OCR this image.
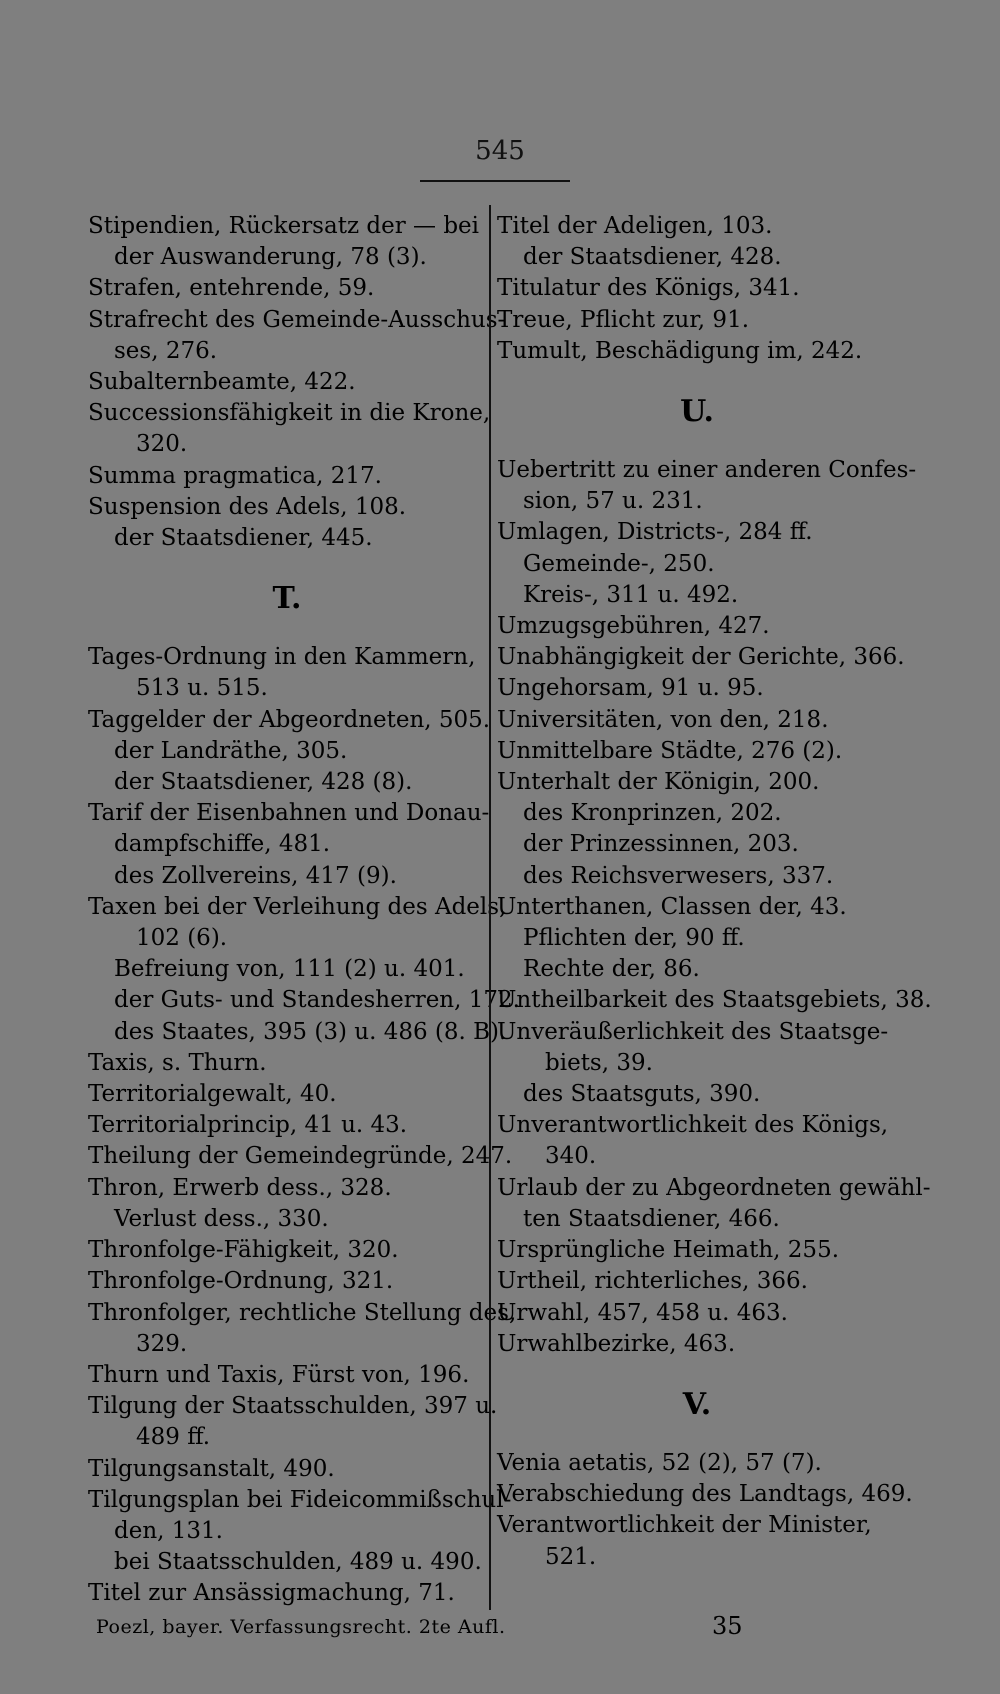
545
Stipendien, Rückersatz der — bei
der Auswanderung, 78 (3).
Strafen, entehrende, 59.
Strafrecht des Gemeinde-Ausschus-
ses, 276.
Subalternbeamte, 422.
Successionsfähigkeit in die Krone,
320.
Summa pragmatica, 217.
Suspension des Adels, 108.
der Staatsdiener, 445.
T.
Tages-Ordnung in den Kammern,
513 u. 515.
Taggelder der Abgeordneten, 505.
der Landräthe, 305.
der Staatsdiener, 428 (8).
Tarif der Eisenbahnen und Donau-
dampfschiffe, 481.
des Zollvereins, 417 (9).
Taxen bei der Verleihung des Adels,
102 (6).
Befreiung von, 111 (2) u. 401.
der Guts- und Standesherren, 172.
des Staates, 395 (3) u. 486 (8. B).
Taxis, s. Thurn.
Territorialgewalt, 40.
Territorialprincip, 41 u. 43.
Theilung der Gemeindegründe, 247.
Thron, Erwerb dess., 328.
Verlust dess., 330.
Thronfolge-Fähigkeit, 320.
Thronfolge-Ordnung, 321.
Thronfolger, rechtliche Stellung des,
329.
Thurn und Taxis, Fürst von, 196.
Tilgung der Staatsschulden, 397 u.
489 ff.
Tilgungsanstalt, 490.
Tilgungsplan bei Fideicommißschul-
den, 131.
bei Staatsschulden, 489 u. 490.
Titel zur Ansässigmachung, 71.
Titel der Adeligen, 103.
der Staatsdiener, 428.
Titulatur des Königs, 341.
Treue, Pflicht zur, 91.
Tumult, Beschädigung im, 242.
U.
Uebertritt zu einer anderen Confes-
sion, 57 u. 231.
Umlagen, Districts-, 284 ff.
Gemeinde-, 250.
Kreis-, 311 u. 492.
Umzugsgebühren, 427.
Unabhängigkeit der Gerichte, 366.
Ungehorsam, 91 u. 95.
Universitäten, von den, 218.
Unmittelbare Städte, 276 (2).
Unterhalt der Königin, 200.
des Kronprinzen, 202.
der Prinzessinnen, 203.
des Reichsverwesers, 337.
Unterthanen, Classen der, 43.
Pflichten der, 90 ff.
Rechte der, 86.
Untheilbarkeit des Staatsgebiets, 38.
Unveräußerlichkeit des Staatsge-
biets, 39.
des Staatsguts, 390.
Unverantwortlichkeit des Königs,
340.
Urlaub der zu Abgeordneten gewähl-
ten Staatsdiener, 466.
Ursprüngliche Heimath, 255.
Urtheil, richterliches, 366.
Urwahl, 457, 458 u. 463.
Urwahlbezirke, 463.
V.
Venia aetatis, 52 (2), 57 (7).
Verabschiedung des Landtags, 469.
Verantwortlichkeit der Minister,
521.
Poezl, bayer. Verfassungsrecht. 2te Aufl.	35
